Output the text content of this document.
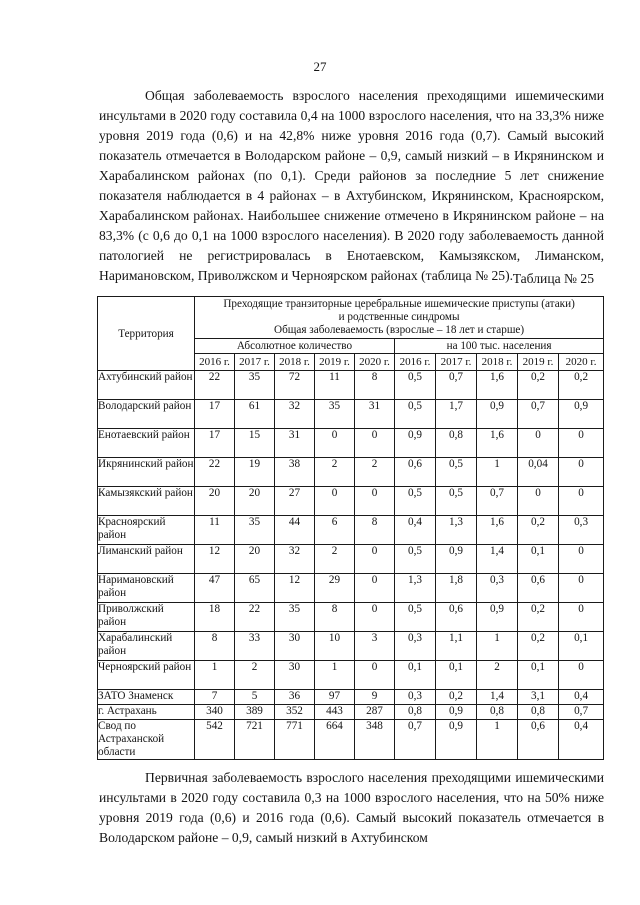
27

Общая заболеваемость взрослого населения преходящими ишемическими инсультами в 2020 году составила 0,4 на 1000 взрослого населения, что на 33,3% ниже уровня 2019 года (0,6) и на 42,8% ниже уровня 2016 года (0,7). Самый высокий показатель отмечается в Володарском районе – 0,9, самый низкий – в Икрянинском и Харабалинском районах (по 0,1). Среди районов за последние 5 лет снижение показателя наблюдается в 4 районах – в Ахтубинском, Икрянинском, Красноярском, Харабалинском районах. Наибольшее снижение отмечено в Икрянинском районе – на 83,3% (с 0,6 до 0,1 на 1000 взрослого населения). В 2020 году заболеваемость данной патологией не регистрировалась в Енотаевском, Камызякском, Лиманском, Наримановском, Приволжском и Черноярском районах (таблица № 25). Таблица № 25
Территория	Преходящие транзиторные церебральные ишемические приступы (атаки)
и родственные синдромы
Общая заболеваемость (взрослые – 18 лет и старше)									

	Абсолютное количество					на 100 тыс. населения				
	2016 г.	2017 г.	2018 г.	2019 г.	2020 г.	2016 г.	2017 г.	2018 г.	2019 г.	2020 г.
Ахтубинский район	22	35	72	11	8	0,5	0,7	1,6	0,2	0,2
Володарский район	17	61	32	35	31	0,5	1,7	0,9	0,7	0,9
Енотаевский район	17	15	31	0	0	0,9	0,8	1,6	0	0
Икрянинский район	22	19	38	2	2	0,6	0,5	1	0,04	0
Камызякский район	20	20	27	0	0	0,5	0,5	0,7	0	0
Красноярский район	11	35	44	6	8	0,4	1,3	1,6	0,2	0,3
Лиманский район	12	20	32	2	0	0,5	0,9	1,4	0,1	0
Наримановский район	47	65	12	29	0	1,3	1,8	0,3	0,6	0
Приволжский район	18	22	35	8	0	0,5	0,6	0,9	0,2	0
Харабалинский район	8	33	30	10	3	0,3	1,1	1	0,2	0,1
Черноярский район	1	2	30	1	0	0,1	0,1	2	0,1	0
ЗАТО Знаменск	7	5	36	97	9	0,3	0,2	1,4	3,1	0,4
г. Астрахань	340	389	352	443	287	0,8	0,9	0,8	0,8	0,7
Свод по Астраханской области	542	721	771	664	348	0,7	0,9	1	0,6	0,4

Первичная заболеваемость взрослого населения преходящими ишемическими инсультами в 2020 году составила 0,3 на 1000 взрослого населения, что на 50% ниже уровня 2019 года (0,6) и 2016 года (0,6). Самый высокий показатель отмечается в Володарском районе – 0,9, самый низкий в Ахтубинском
